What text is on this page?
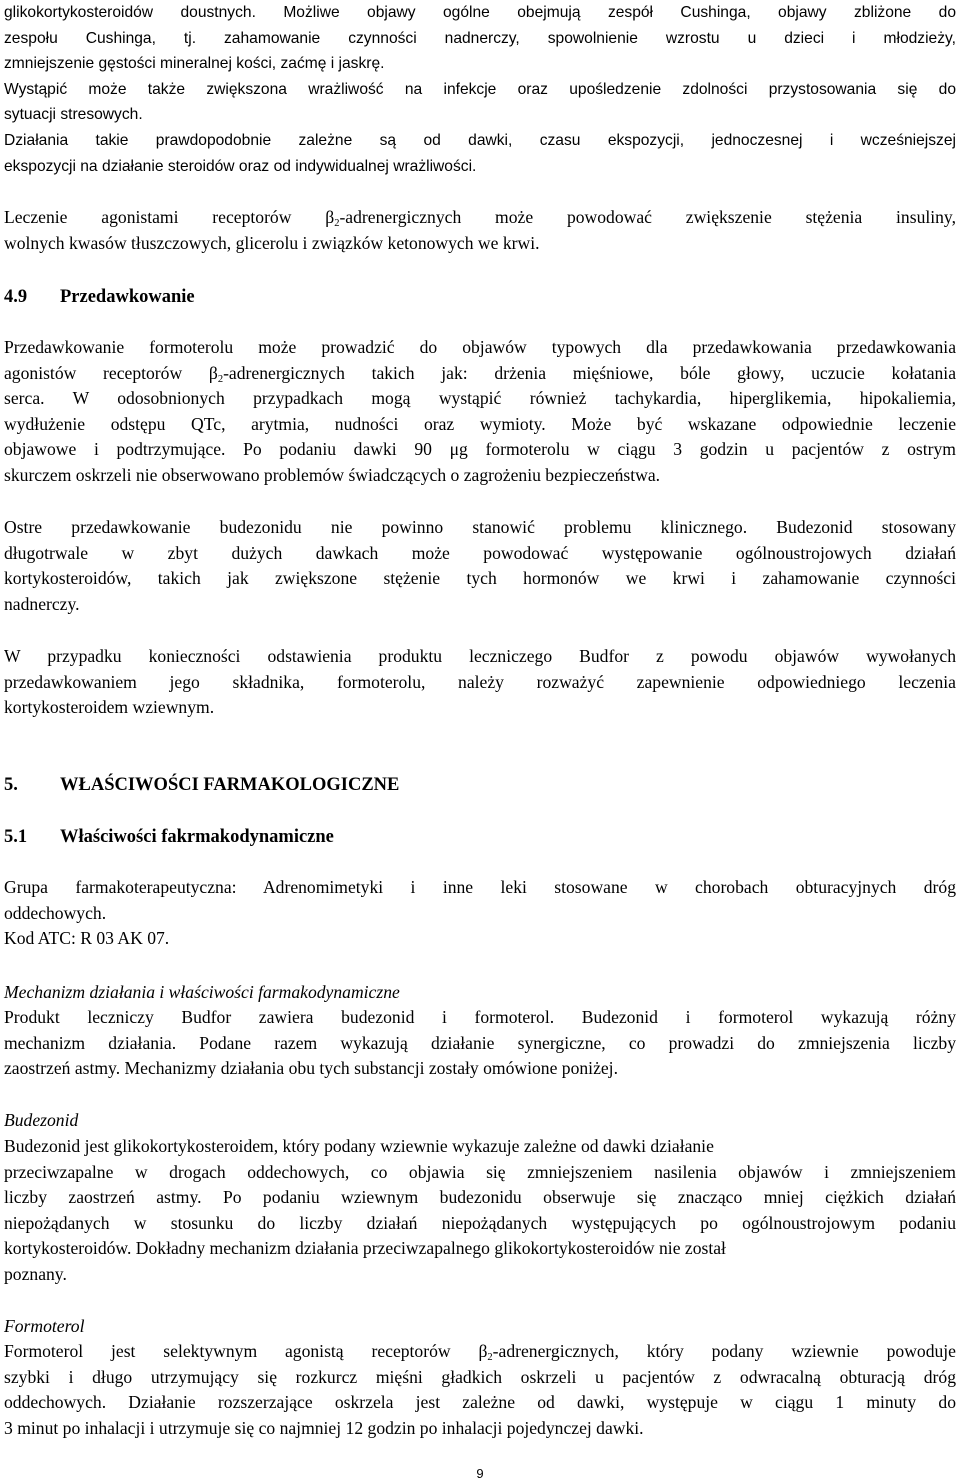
glikokortykosteroidów doustnych. Możliwe objawy ogólne obejmują zespół Cushinga, objawy zbliżone do
zespołu Cushinga, tj. zahamowanie czynności nadnerczy, spowolnienie wzrostu u dzieci i młodzieży,
zmniejszenie gęstości mineralnej kości, zaćmę i jaskrę.
Wystąpić może także zwiększona wrażliwość na infekcje oraz upośledzenie zdolności przystosowania się do
sytuacji stresowych.
Działania takie prawdopodobnie zależne są od dawki, czasu ekspozycji, jednoczesnej i wcześniejszej
ekspozycji na działanie steroidów oraz od indywidualnej wrażliwości.
Leczenie agonistami receptorów $\beta_2$-adrenergicznych może powodować zwiększenie stężenia insuliny,
wolnych kwasów tłuszczowych, glicerolu i związków ketonowych we krwi.
4.9 Przedawkowanie
Przedawkowanie formoterolu może prowadzić do objawów typowych dla przedawkowania przedawkowania
agonistów receptorów $\beta_2$-adrenergicznych takich jak: drżenia mięśniowe, bóle głowy, uczucie kołatania
serca. W odosobnionych przypadkach mogą wystąpić również tachykardia, hiperglikemia, hipokaliemia,
wydłużenie odstępu QTc, arytmia, nudności oraz wymioty. Może być wskazane odpowiednie leczenie
objawowe i podtrzymujące. Po podaniu dawki 90 μg formoterolu w ciągu 3 godzin u pacjentów z ostrym
skurczem oskrzeli nie obserwowano problemów świadczących o zagrożeniu bezpieczeństwa.
Ostre przedawkowanie budezonidu nie powinno stanowić problemu klinicznego. Budezonid stosowany
długotrwale w zbyt dużych dawkach może powodować występowanie ogólnoustrojowych działań
kortykosteroidów, takich jak zwiększone stężenie tych hormonów we krwi i zahamowanie czynności
nadnerczy.
W przypadku konieczności odstawienia produktu leczniczego Budfor z powodu objawów wywołanych
przedawkowaniem jego składnika, formoterolu, należy rozważyć zapewnienie odpowiedniego leczenia
kortykosteroidem wziewnym.
5. WŁAŚCIWOŚCI FARMAKOLOGICZNE
5.1 Właściwości fakrmakodynamiczne
Grupa farmakoterapeutyczna: Adrenomimetyki i inne leki stosowane w chorobach obturacyjnych dróg
oddechowych.
Kod ATC: R 03 AK 07.
Mechanizm działania i właściwości farmakodynamiczne
Produkt leczniczy Budfor zawiera budezonid i formoterol. Budezonid i formoterol wykazują różny
mechanizm działania. Podane razem wykazują działanie synergiczne, co prowadzi do zmniejszenia liczby
zaostrzeń astmy. Mechanizmy działania obu tych substancji zostały omówione poniżej.
Budezonid
Budezonid jest glikokortykosteroidem, który podany wziewnie wykazuje zależne od dawki działanie
przeciwzapalne w drogach oddechowych, co objawia się zmniejszeniem nasilenia objawów i zmniejszeniem
liczby zaostrzeń astmy. Po podaniu wziewnym budezonidu obserwuje się znacząco mniej ciężkich działań
niepożądanych w stosunku do liczby działań niepożądanych występujących po ogólnoustrojowym podaniu
kortykosteroidów. Dokładny mechanizm działania przeciwzapalnego glikokortykosteroidów nie został
poznany.
Formoterol
Formoterol jest selektywnym agonistą receptorów $\beta_2$-adrenergicznych, który podany wziewnie powoduje
szybki i długo utrzymujący się rozkurcz mięśni gładkich oskrzeli u pacjentów z odwracalną obturacją dróg
oddechowych. Działanie rozszerzające oskrzela jest zależne od dawki, występuje w ciągu 1 minuty do
3 minut po inhalacji i utrzymuje się co najmniej 12 godzin po inhalacji pojedynczej dawki.
9
